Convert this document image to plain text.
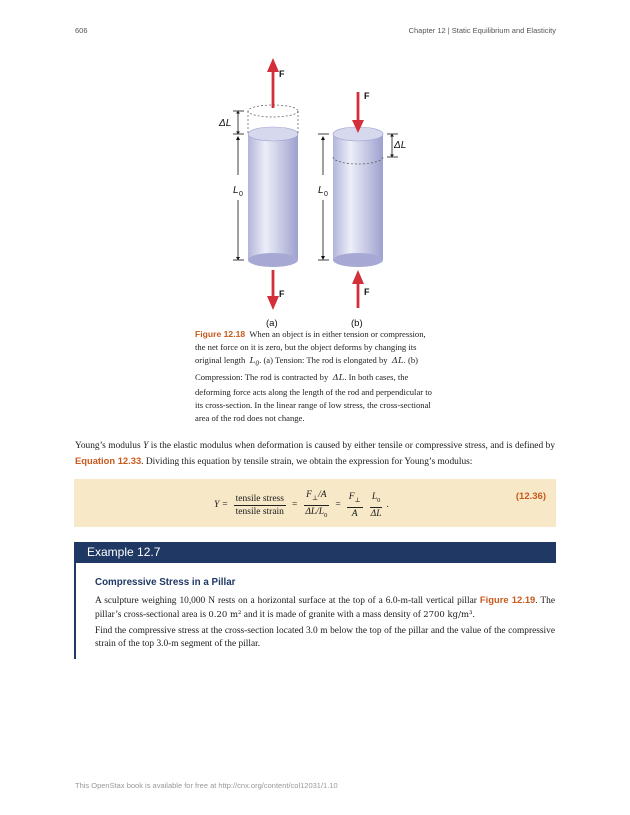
606	Chapter 12 | Static Equilibrium and Elasticity
F
F
F
F
ΔL
ΔL
L 0	L 0
(a)	(b)
Figure 12.18 When an object is in either tension or compression, the net force on it is zero, but the object deforms by changing its original length $L_0$. (a) Tension: The rod is elongated by ΔL. (b) Compression: The rod is contracted by ΔL. In both cases, the deforming force acts along the length of the rod and perpendicular to its cross-section. In the linear range of low stress, the cross-sectional area of the rod does not change.
Young’s modulus Y is the elastic modulus when deformation is caused by either tensile or compressive stress, and is defined by Equation 12.33. Dividing this equation by tensile strain, we obtain the expression for Young’s modulus:
$Y = \frac{\text{tensile stress}}{\text{tensile strain}} = \frac{F_\perp/A}{\Delta L/L_0} = \frac{F_\perp}{A} \frac{L_0}{\Delta L}$ .
(12.36)
Example 12.7
Compressive Stress in a Pillar
A sculpture weighing 10,000 N rests on a horizontal surface at the top of a 6.0-m-tall vertical pillar Figure 12.19. The pillar’s cross-sectional area is 0.20 m² and it is made of granite with a mass density of 2700 kg/m³.
Find the compressive stress at the cross-section located 3.0 m below the top of the pillar and the value of the compressive strain of the top 3.0-m segment of the pillar.
This OpenStax book is available for free at http://cnx.org/content/col12031/1.10
